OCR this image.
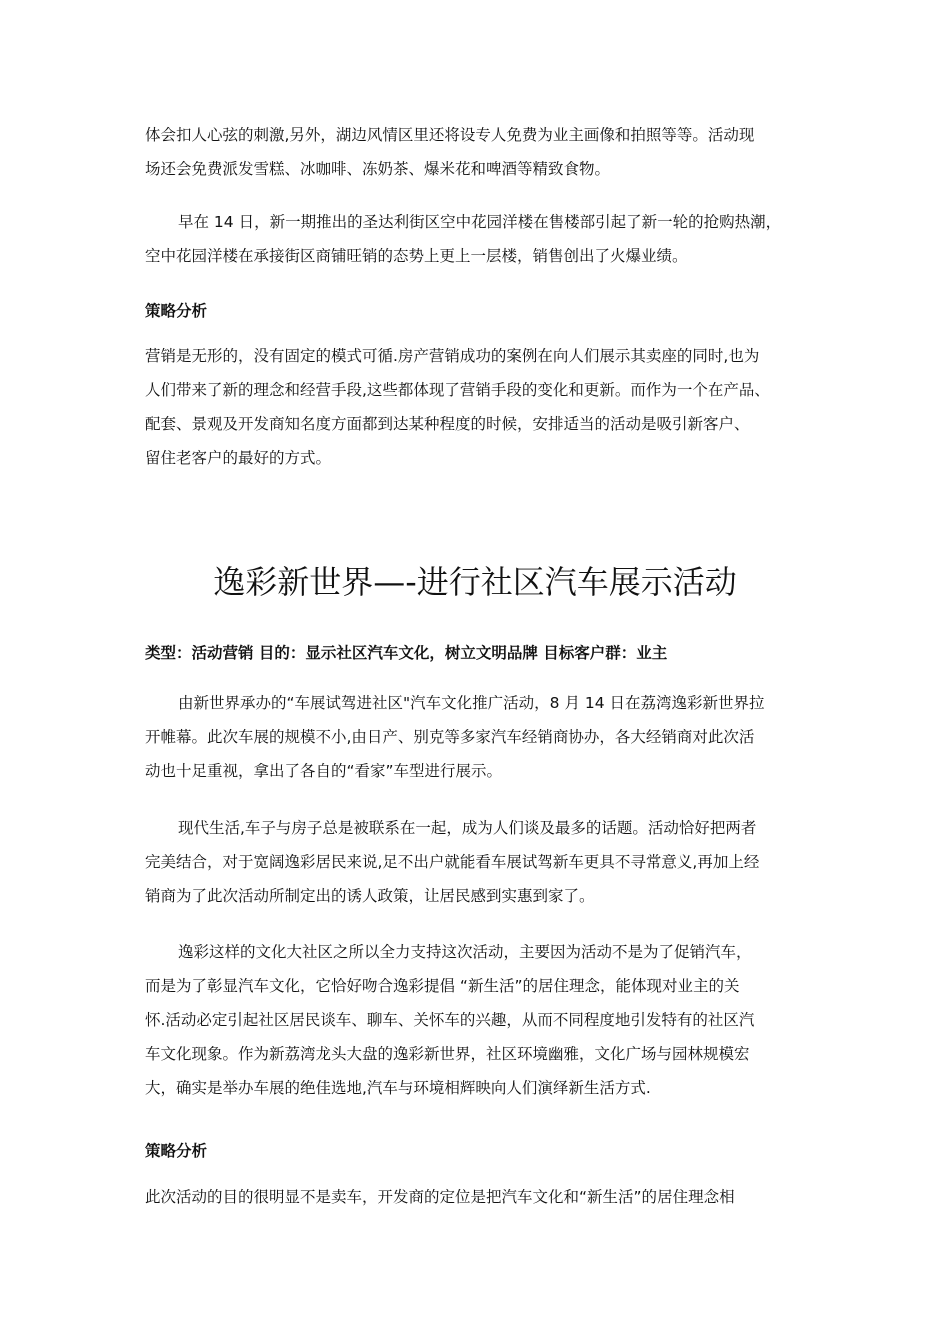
体会扣人心弦的刺激,另外，湖边风情区里还将设专人免费为业主画像和拍照等等。活动现
场还会免费派发雪糕、冰咖啡、冻奶茶、爆米花和啤酒等精致食物。
早在 14 日，新一期推出的圣达利街区空中花园洋楼在售楼部引起了新一轮的抢购热潮，
空中花园洋楼在承接街区商铺旺销的态势上更上一层楼，销售创出了火爆业绩。
策略分析
营销是无形的，没有固定的模式可循.房产营销成功的案例在向人们展示其卖座的同时,也为
人们带来了新的理念和经营手段,这些都体现了营销手段的变化和更新。而作为一个在产品、
配套、景观及开发商知名度方面都到达某种程度的时候，安排适当的活动是吸引新客户、
留住老客户的最好的方式。
逸彩新世界—-进行社区汽车展示活动
类型：活动营销 目的：显示社区汽车文化，树立文明品牌 目标客户群：业主
由新世界承办的“车展试驾进社区"汽车文化推广活动，8 月 14 日在荔湾逸彩新世界拉
开帷幕。此次车展的规模不小,由日产、别克等多家汽车经销商协办，各大经销商对此次活
动也十足重视，拿出了各自的“看家”车型进行展示。
现代生活,车子与房子总是被联系在一起，成为人们谈及最多的话题。活动恰好把两者
完美结合，对于宽阔逸彩居民来说,足不出户就能看车展试驾新车更具不寻常意义,再加上经
销商为了此次活动所制定出的诱人政策，让居民感到实惠到家了。
逸彩这样的文化大社区之所以全力支持这次活动，主要因为活动不是为了促销汽车，
而是为了彰显汽车文化，它恰好吻合逸彩提倡 “新生活”的居住理念，能体现对业主的关
怀.活动必定引起社区居民谈车、聊车、关怀车的兴趣，从而不同程度地引发特有的社区汽
车文化现象。作为新荔湾龙头大盘的逸彩新世界，社区环境幽雅，文化广场与园林规模宏
大，确实是举办车展的绝佳选地,汽车与环境相辉映向人们演绎新生活方式.
策略分析
此次活动的目的很明显不是卖车，开发商的定位是把汽车文化和“新生活”的居住理念相
